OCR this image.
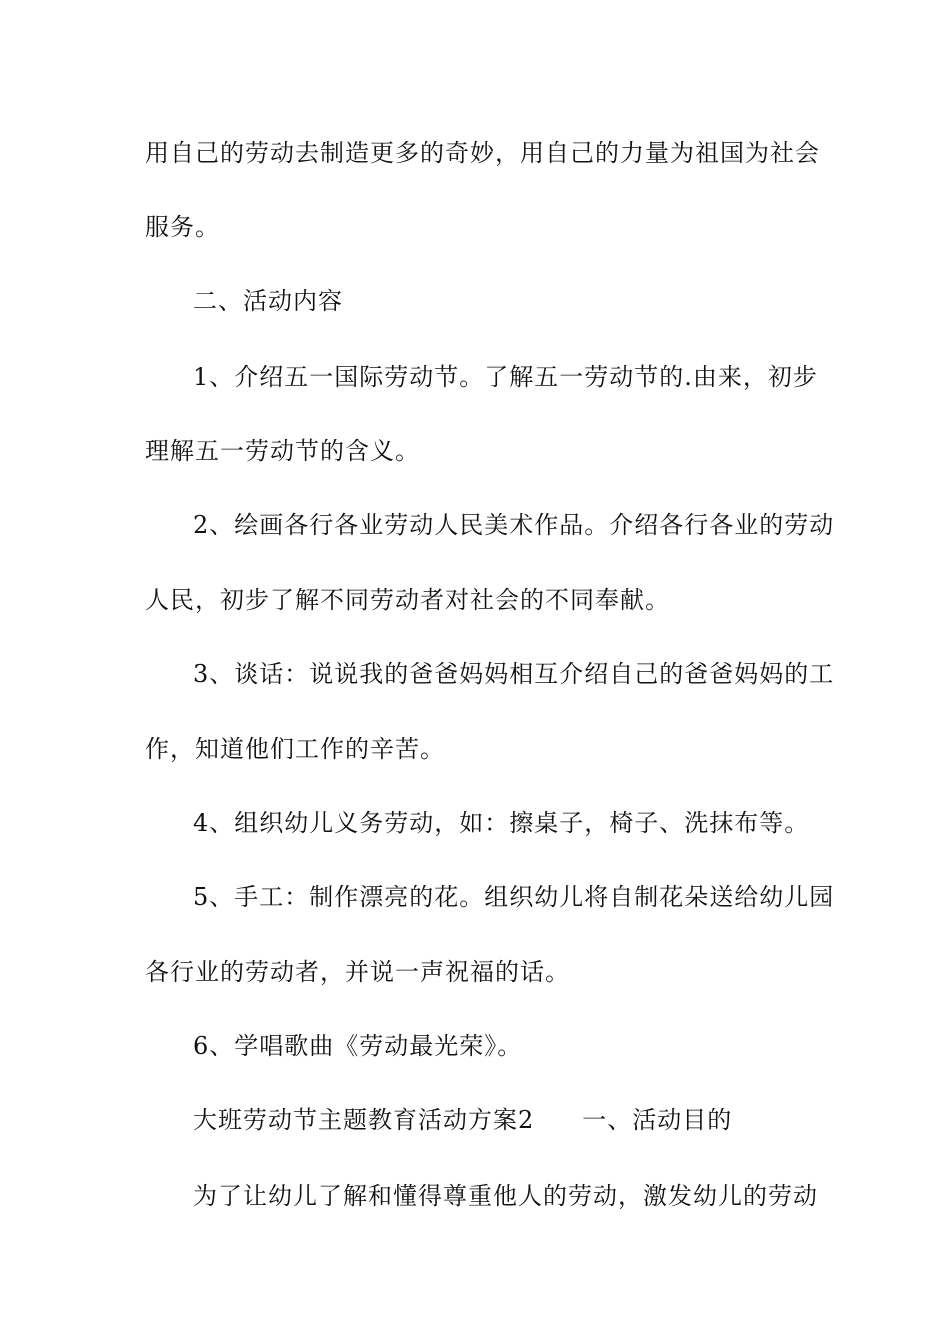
用自己的劳动去制造更多的奇妙，用自己的力量为祖国为社会
服务。
二、活动内容
1、介绍五一国际劳动节。了解五一劳动节的.由来，初步
理解五一劳动节的含义。
2、绘画各行各业劳动人民美术作品。介绍各行各业的劳动
人民，初步了解不同劳动者对社会的不同奉献。
3、谈话：说说我的爸爸妈妈相互介绍自己的爸爸妈妈的工
作，知道他们工作的辛苦。
4、组织幼儿义务劳动，如：擦桌子，椅子、洗抹布等。
5、手工：制作漂亮的花。组织幼儿将自制花朵送给幼儿园
各行业的劳动者，并说一声祝福的话。
6、学唱歌曲《劳动最光荣》。
大班劳动节主题教育活动方案2 一、活动目的
为了让幼儿了解和懂得尊重他人的劳动，激发幼儿的劳动
